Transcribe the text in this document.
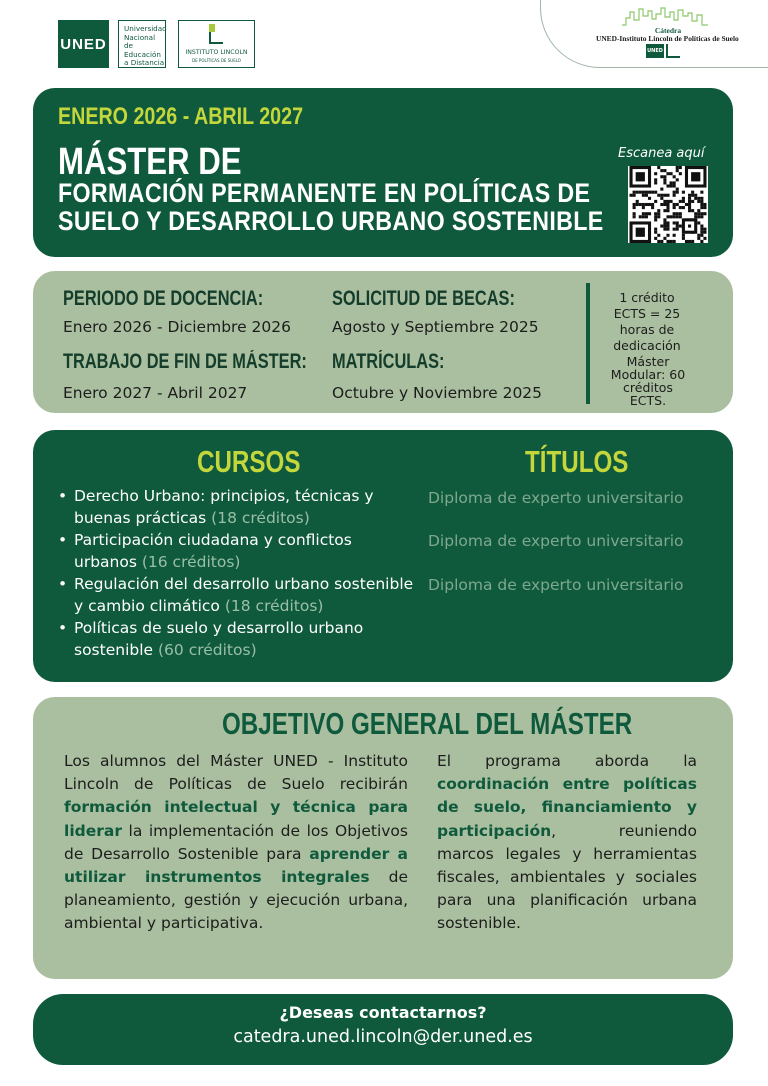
UNED
Universidad
Nacional de
Educación
a Distancia
INSTITUTO LINCOLN
DE POLÍTICAS DE SUELO
Cátedra
UNED-Instituto Lincoln de Políticas de Suelo
UNED
ENERO 2026 - ABRIL 2027
MÁSTER DE
FORMACIÓN PERMANENTE EN POLÍTICAS DE
SUELO Y DESARROLLO URBANO SOSTENIBLE
Escanea aquí
PERIODO DE DOCENCIA:
Enero 2026 - Diciembre 2026
TRABAJO DE FIN DE MÁSTER:
Enero 2027 - Abril 2027
SOLICITUD DE BECAS:
Agosto y Septiembre 2025
MATRÍCULAS:
Octubre y Noviembre 2025
1 crédito ECTS = 25 horas de dedicación
Máster Modular: 60 créditos ECTS.
CURSOS	TÍTULOS
• Derecho Urbano: principios, técnicas y buenas prácticas (18 créditos)
• Participación ciudadana y conflictos urbanos (16 créditos)
• Regulación del desarrollo urbano sostenible y cambio climático (18 créditos)
• Políticas de suelo y desarrollo urbano sostenible (60 créditos)
Diploma de experto universitario
Diploma de experto universitario
Diploma de experto universitario
OBJETIVO GENERAL DEL MÁSTER
Los alumnos del Máster UNED - Instituto Lincoln de Políticas de Suelo recibirán formación intelectual y técnica para liderar la implementación de los Objetivos de Desarrollo Sostenible para aprender a utilizar instrumentos integrales de planeamiento, gestión y ejecución urbana, ambiental y participativa.
El programa aborda la coordinación entre políticas de suelo, financiamiento y participación, reuniendo marcos legales y herramientas fiscales, ambientales y sociales para una planificación urbana sostenible.
¿Deseas contactarnos?
catedra.uned.lincoln@der.uned.es
